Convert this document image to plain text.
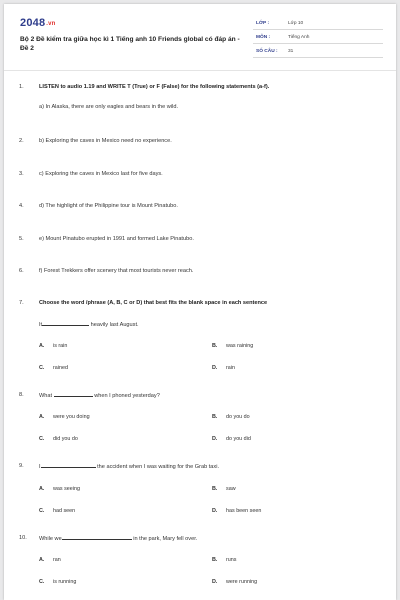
2048.vn
Bộ 2 Đề kiểm tra giữa học kì 1 Tiếng anh 10 Friends global có đáp án - Đề 2
LỚP :	Lớp 10
MÔN :	Tiếng Anh
SỐ CÂU : 31
1.	LISTEN to audio 1.19 and WRITE T (True) or F (False) for the following statements (a-f).
a) In Alaska, there are only eagles and bears in the wild.
2.	b) Exploring the caves in Mexico need no experience.
3.	c) Exploring the caves in Mexico last for five days.
4.	d) The highlight of the Philippine tour is Mount Pinatubo.
5.	e) Mount Pinatubo erupted in 1991 and formed Lake Pinatubo.
6.	f) Forest Trekkers offer scenery that most tourists never reach.
7.	Choose the word /phrase (A, B, C or D) that best fits the blank space in each sentence
It	heavily last August.
A. is rain	B. was raining
C. rained	D. rain
8.	What	when I phoned yesterday?
A. were you doing	B. do you do
C. did you do	D. do you did
9.	I	the accident when I was waiting for the Grab taxi.
A. was seeing	B. saw
C. had seen	D. has been seen
10. While we	in the park, Mary fell over.
A. ran	B. runs
C. is running	D. were running
